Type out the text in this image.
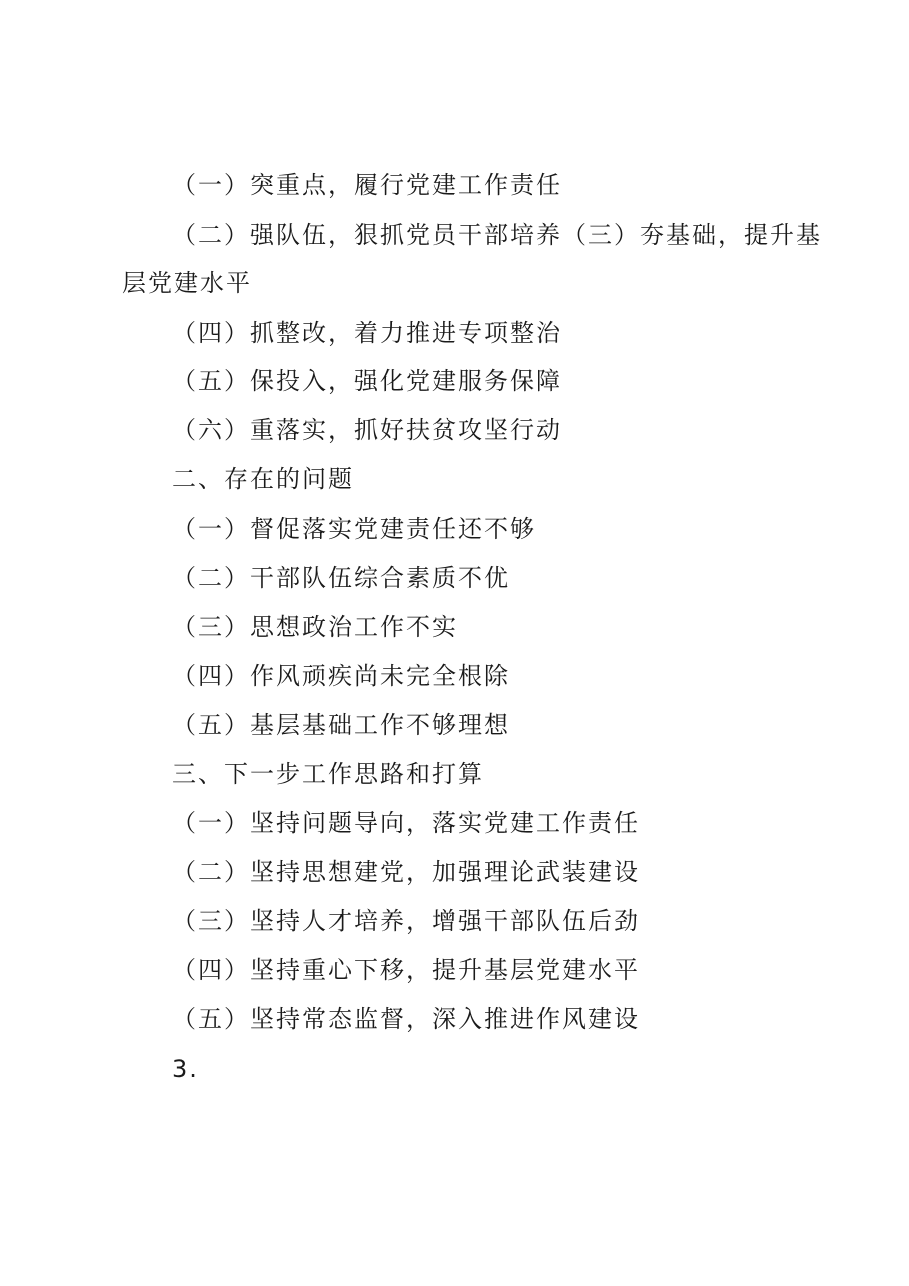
（一）突重点，履行党建工作责任
（二）强队伍，狠抓党员干部培养（三）夯基础，提升基
层党建水平
（四）抓整改，着力推进专项整治
（五）保投入，强化党建服务保障
（六）重落实，抓好扶贫攻坚行动
二、存在的问题
（一）督促落实党建责任还不够
（二）干部队伍综合素质不优
（三）思想政治工作不实
（四）作风顽疾尚未完全根除
（五）基层基础工作不够理想
三、下一步工作思路和打算
（一）坚持问题导向，落实党建工作责任
（二）坚持思想建党，加强理论武装建设
（三）坚持人才培养，增强干部队伍后劲
（四）坚持重心下移，提升基层党建水平
（五）坚持常态监督，深入推进作风建设
3.
